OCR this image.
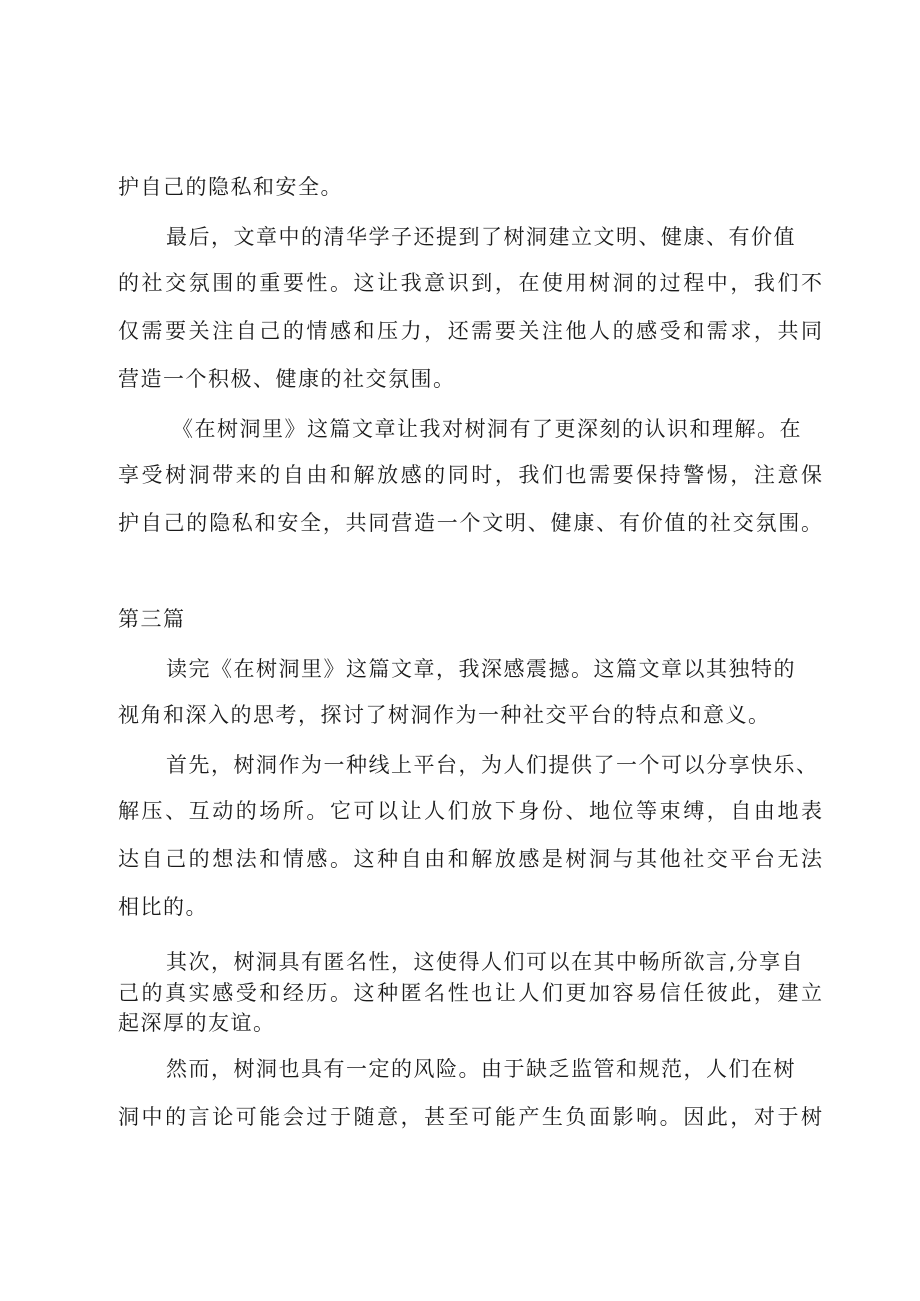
护自己的隐私和安全。
最后，文章中的清华学子还提到了树洞建立文明、健康、有价值
的社交氛围的重要性。这让我意识到，在使用树洞的过程中，我们不
仅需要关注自己的情感和压力，还需要关注他人的感受和需求，共同
营造一个积极、健康的社交氛围。
《在树洞里》这篇文章让我对树洞有了更深刻的认识和理解。在
享受树洞带来的自由和解放感的同时，我们也需要保持警惕，注意保
护自己的隐私和安全，共同营造一个文明、健康、有价值的社交氛围。
第三篇
读完《在树洞里》这篇文章，我深感震撼。这篇文章以其独特的
视角和深入的思考，探讨了树洞作为一种社交平台的特点和意义。
首先，树洞作为一种线上平台，为人们提供了一个可以分享快乐、
解压、互动的场所。它可以让人们放下身份、地位等束缚，自由地表
达自己的想法和情感。这种自由和解放感是树洞与其他社交平台无法
相比的。
其次，树洞具有匿名性，这使得人们可以在其中畅所欲言,分享自
己的真实感受和经历。这种匿名性也让人们更加容易信任彼此，建立
起深厚的友谊。
然而，树洞也具有一定的风险。由于缺乏监管和规范，人们在树
洞中的言论可能会过于随意，甚至可能产生负面影响。因此，对于树
